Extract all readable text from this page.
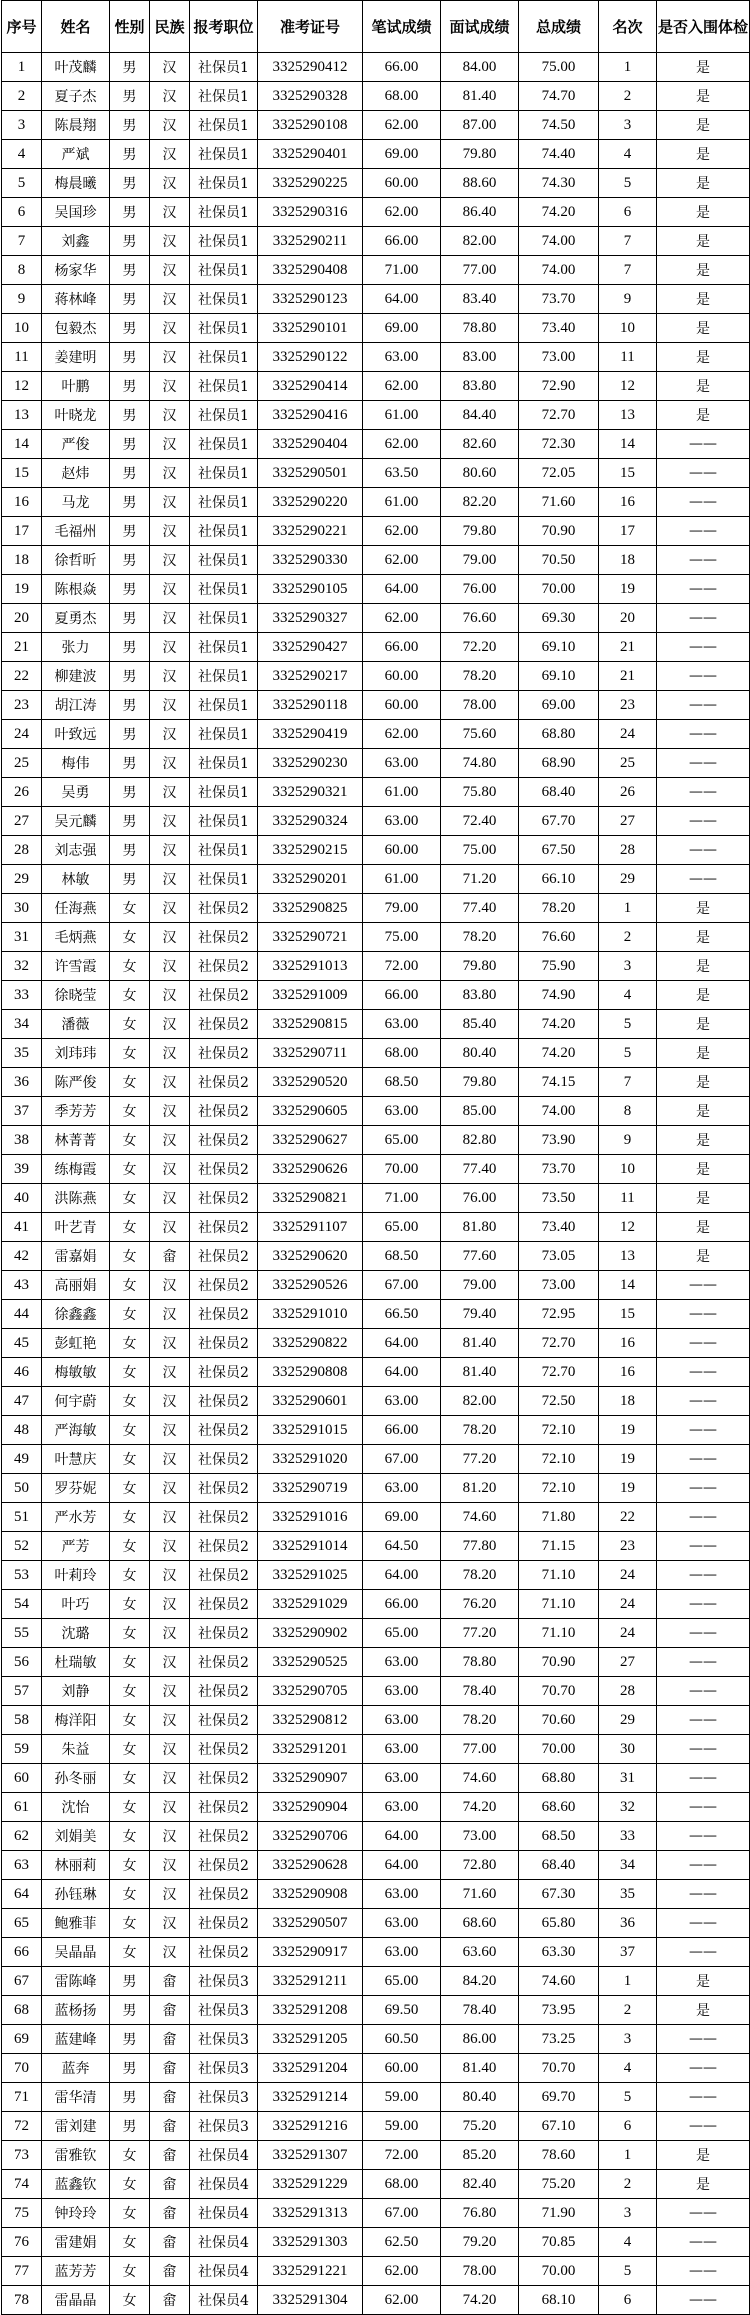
序号	姓名	性别	民族	报考职位	准考证号	笔试成绩	面试成绩	总成绩	名次	是否入围体检
1	叶茂麟	男	汉	社保员1	3325290412	66.00	84.00	75.00	1	是
2	夏子杰	男	汉	社保员1	3325290328	68.00	81.40	74.70	2	是
3	陈晨翔	男	汉	社保员1	3325290108	62.00	87.00	74.50	3	是
4	严斌	男	汉	社保员1	3325290401	69.00	79.80	74.40	4	是
5	梅晨曦	男	汉	社保员1	3325290225	60.00	88.60	74.30	5	是
6	吴国珍	男	汉	社保员1	3325290316	62.00	86.40	74.20	6	是
7	刘鑫	男	汉	社保员1	3325290211	66.00	82.00	74.00	7	是
8	杨家华	男	汉	社保员1	3325290408	71.00	77.00	74.00	7	是
9	蒋林峰	男	汉	社保员1	3325290123	64.00	83.40	73.70	9	是
10	包毅杰	男	汉	社保员1	3325290101	69.00	78.80	73.40	10	是
11	姜建明	男	汉	社保员1	3325290122	63.00	83.00	73.00	11	是
12	叶鹏	男	汉	社保员1	3325290414	62.00	83.80	72.90	12	是
13	叶晓龙	男	汉	社保员1	3325290416	61.00	84.40	72.70	13	是
14	严俊	男	汉	社保员1	3325290404	62.00	82.60	72.30	14	——
15	赵炜	男	汉	社保员1	3325290501	63.50	80.60	72.05	15	——
16	马龙	男	汉	社保员1	3325290220	61.00	82.20	71.60	16	——
17	毛福州	男	汉	社保员1	3325290221	62.00	79.80	70.90	17	——
18	徐哲昕	男	汉	社保员1	3325290330	62.00	79.00	70.50	18	——
19	陈根焱	男	汉	社保员1	3325290105	64.00	76.00	70.00	19	——
20	夏勇杰	男	汉	社保员1	3325290327	62.00	76.60	69.30	20	——
21	张力	男	汉	社保员1	3325290427	66.00	72.20	69.10	21	——
22	柳建波	男	汉	社保员1	3325290217	60.00	78.20	69.10	21	——
23	胡江涛	男	汉	社保员1	3325290118	60.00	78.00	69.00	23	——
24	叶致远	男	汉	社保员1	3325290419	62.00	75.60	68.80	24	——
25	梅伟	男	汉	社保员1	3325290230	63.00	74.80	68.90	25	——
26	吴勇	男	汉	社保员1	3325290321	61.00	75.80	68.40	26	——
27	吴元麟	男	汉	社保员1	3325290324	63.00	72.40	67.70	27	——
28	刘志强	男	汉	社保员1	3325290215	60.00	75.00	67.50	28	——
29	林敏	男	汉	社保员1	3325290201	61.00	71.20	66.10	29	——
30	任海燕	女	汉	社保员2	3325290825	79.00	77.40	78.20	1	是
31	毛炳燕	女	汉	社保员2	3325290721	75.00	78.20	76.60	2	是
32	许雪霞	女	汉	社保员2	3325291013	72.00	79.80	75.90	3	是
33	徐晓莹	女	汉	社保员2	3325291009	66.00	83.80	74.90	4	是
34	潘薇	女	汉	社保员2	3325290815	63.00	85.40	74.20	5	是
35	刘玮玮	女	汉	社保员2	3325290711	68.00	80.40	74.20	5	是
36	陈严俊	女	汉	社保员2	3325290520	68.50	79.80	74.15	7	是
37	季芳芳	女	汉	社保员2	3325290605	63.00	85.00	74.00	8	是
38	林菁菁	女	汉	社保员2	3325290627	65.00	82.80	73.90	9	是
39	练梅霞	女	汉	社保员2	3325290626	70.00	77.40	73.70	10	是
40	洪陈燕	女	汉	社保员2	3325290821	71.00	76.00	73.50	11	是
41	叶艺青	女	汉	社保员2	3325291107	65.00	81.80	73.40	12	是
42	雷嘉娟	女	畲	社保员2	3325290620	68.50	77.60	73.05	13	是
43	高丽娟	女	汉	社保员2	3325290526	67.00	79.00	73.00	14	——
44	徐鑫鑫	女	汉	社保员2	3325291010	66.50	79.40	72.95	15	——
45	彭虹艳	女	汉	社保员2	3325290822	64.00	81.40	72.70	16	——
46	梅敏敏	女	汉	社保员2	3325290808	64.00	81.40	72.70	16	——
47	何宇蔚	女	汉	社保员2	3325290601	63.00	82.00	72.50	18	——
48	严海敏	女	汉	社保员2	3325291015	66.00	78.20	72.10	19	——
49	叶慧庆	女	汉	社保员2	3325291020	67.00	77.20	72.10	19	——
50	罗芬妮	女	汉	社保员2	3325290719	63.00	81.20	72.10	19	——
51	严水芳	女	汉	社保员2	3325291016	69.00	74.60	71.80	22	——
52	严芳	女	汉	社保员2	3325291014	64.50	77.80	71.15	23	——
53	叶莉玲	女	汉	社保员2	3325291025	64.00	78.20	71.10	24	——
54	叶巧	女	汉	社保员2	3325291029	66.00	76.20	71.10	24	——
55	沈璐	女	汉	社保员2	3325290902	65.00	77.20	71.10	24	——
56	杜瑞敏	女	汉	社保员2	3325290525	63.00	78.80	70.90	27	——
57	刘静	女	汉	社保员2	3325290705	63.00	78.40	70.70	28	——
58	梅洋阳	女	汉	社保员2	3325290812	63.00	78.20	70.60	29	——
59	朱益	女	汉	社保员2	3325291201	63.00	77.00	70.00	30	——
60	孙冬丽	女	汉	社保员2	3325290907	63.00	74.60	68.80	31	——
61	沈怡	女	汉	社保员2	3325290904	63.00	74.20	68.60	32	——
62	刘娟美	女	汉	社保员2	3325290706	64.00	73.00	68.50	33	——
63	林丽莉	女	汉	社保员2	3325290628	64.00	72.80	68.40	34	——
64	孙钰琳	女	汉	社保员2	3325290908	63.00	71.60	67.30	35	——
65	鲍雅菲	女	汉	社保员2	3325290507	63.00	68.60	65.80	36	——
66	吴晶晶	女	汉	社保员2	3325290917	63.00	63.60	63.30	37	——
67	雷陈峰	男	畲	社保员3	3325291211	65.00	84.20	74.60	1	是
68	蓝杨扬	男	畲	社保员3	3325291208	69.50	78.40	73.95	2	是
69	蓝建峰	男	畲	社保员3	3325291205	60.50	86.00	73.25	3	——
70	蓝奔	男	畲	社保员3	3325291204	60.00	81.40	70.70	4	——
71	雷华清	男	畲	社保员3	3325291214	59.00	80.40	69.70	5	——
72	雷刘建	男	畲	社保员3	3325291216	59.00	75.20	67.10	6	——
73	雷雅钦	女	畲	社保员4	3325291307	72.00	85.20	78.60	1	是
74	蓝鑫钦	女	畲	社保员4	3325291229	68.00	82.40	75.20	2	是
75	钟玲玲	女	畲	社保员4	3325291313	67.00	76.80	71.90	3	——
76	雷建娟	女	畲	社保员4	3325291303	62.50	79.20	70.85	4	——
77	蓝芳芳	女	畲	社保员4	3325291221	62.00	78.00	70.00	5	——
78	雷晶晶	女	畲	社保员4	3325291304	62.00	74.20	68.10	6	——
